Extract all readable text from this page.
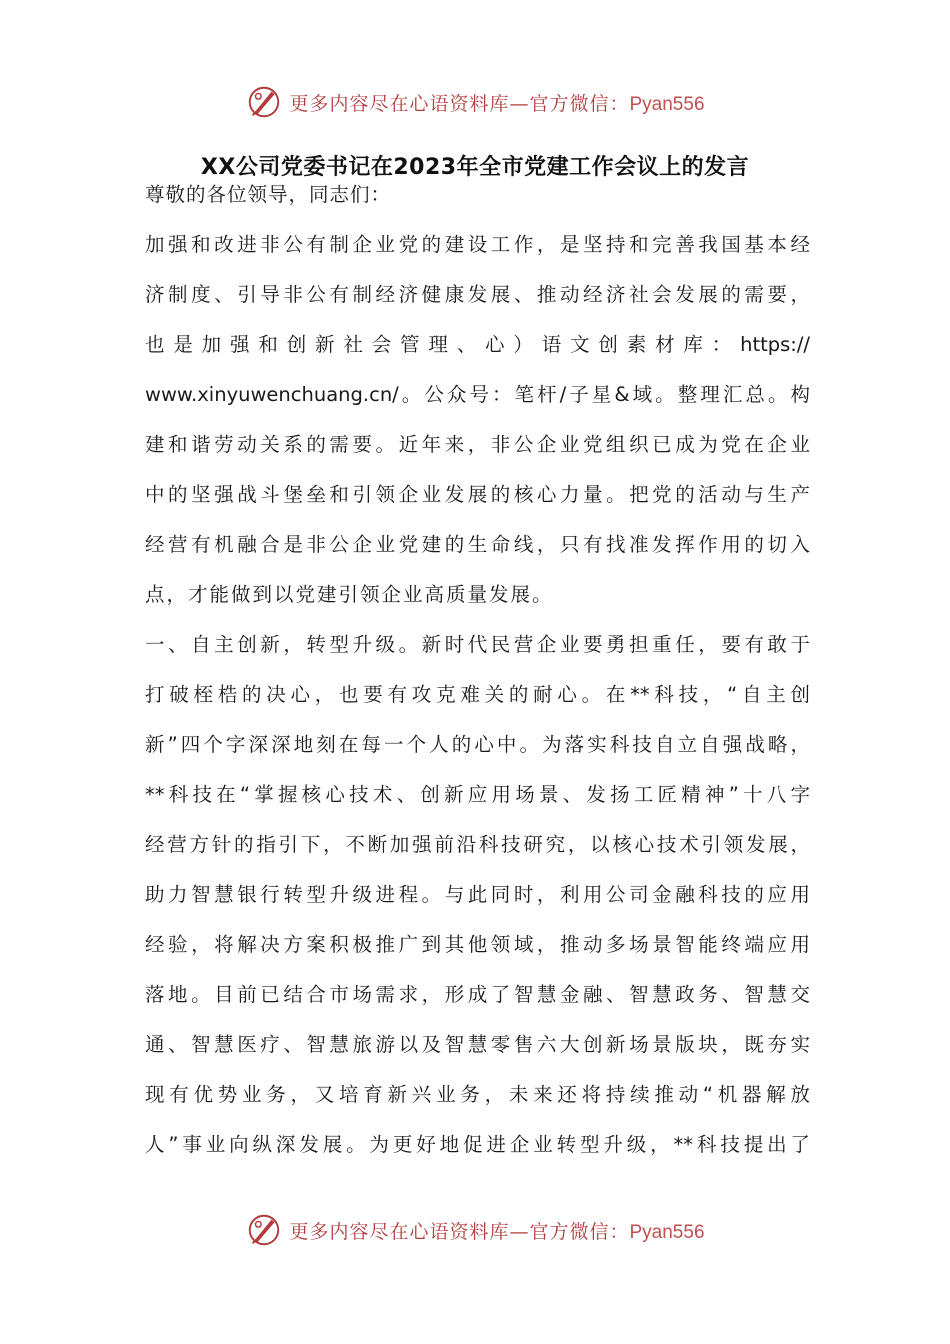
更多内容尽在心语资料库—官方微信：Pyan556
XX公司党委书记在2023年全市党建工作会议上的发言
尊敬的各位领导，同志们：
加强和改进非公有制企业党的建设工作，是坚持和完善我国基本经
济制度、引导非公有制经济健康发展、推动经济社会发展的需要，
也是加强和创新社会管理、心）语文创素材库：https://
www.xinyuwenchuang.cn/。公众号：笔杆/子星&域。整理汇总。构
建和谐劳动关系的需要。近年来，非公企业党组织已成为党在企业
中的坚强战斗堡垒和引领企业发展的核心力量。把党的活动与生产
经营有机融合是非公企业党建的生命线，只有找准发挥作用的切入
点，才能做到以党建引领企业高质量发展。
一、自主创新，转型升级。新时代民营企业要勇担重任，要有敢于
打破桎梏的决心，也要有攻克难关的耐心。在**科技，“自主创
新”四个字深深地刻在每一个人的心中。为落实科技自立自强战略，
**科技在“掌握核心技术、创新应用场景、发扬工匠精神”十八字
经营方针的指引下，不断加强前沿科技研究，以核心技术引领发展，
助力智慧银行转型升级进程。与此同时，利用公司金融科技的应用
经验，将解决方案积极推广到其他领域，推动多场景智能终端应用
落地。目前已结合市场需求，形成了智慧金融、智慧政务、智慧交
通、智慧医疗、智慧旅游以及智慧零售六大创新场景版块，既夯实
现有优势业务，又培育新兴业务，未来还将持续推动“机器解放
人”事业向纵深发展。为更好地促进企业转型升级，**科技提出了
更多内容尽在心语资料库—官方微信：Pyan556
